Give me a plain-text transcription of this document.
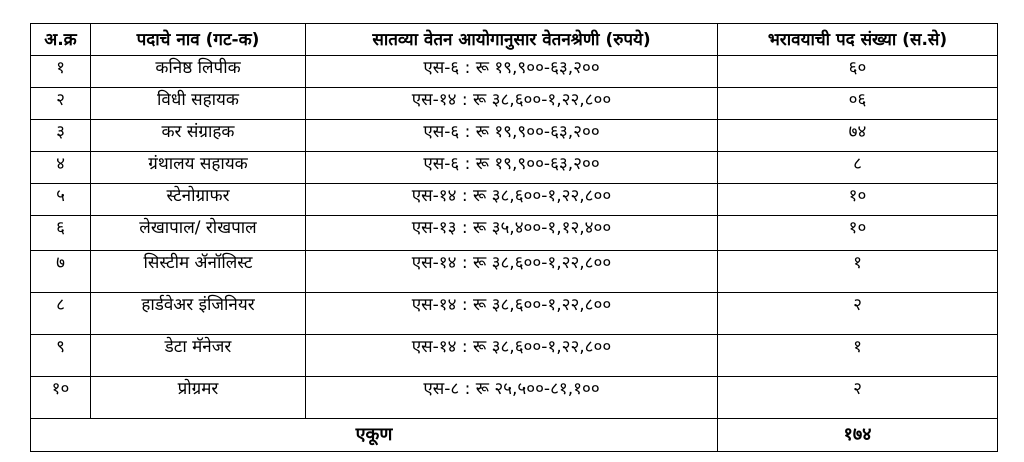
अ.क्र	पदाचे नाव (गट-क)	सातव्या वेतन आयोगानुसार वेतनश्रेणी (रुपये)	भरावयाची पद संख्या (स.से)
१	कनिष्ठ लिपीक	एस-६ : रू १९,९००-६३,२००	६०
२	विधी सहायक	एस-१४ : रू ३८,६००-१,२२,८००	०६
३	कर संग्राहक	एस-६ : रू १९,९००-६३,२००	७४
४	ग्रंथालय सहायक	एस-६ : रू १९,९००-६३,२००	८
५	स्टेनोग्राफर	एस-१४ : रू ३८,६००-१,२२,८००	१०
६	लेखापाल/ रोखपाल	एस-१३ : रू ३५,४००-१,१२,४००	१०
७	सिस्टीम ॲनॉलिस्ट	एस-१४ : रू ३८,६००-१,२२,८००	१
८	हार्डवेअर इंजिनियर	एस-१४ : रू ३८,६००-१,२२,८००	२
९	डेटा मॅनेजर	एस-१४ : रू ३८,६००-१,२२,८००	१
१०	प्रोग्रमर	एस-८ : रू २५,५००-८१,१००	२
एकूण			१७४
